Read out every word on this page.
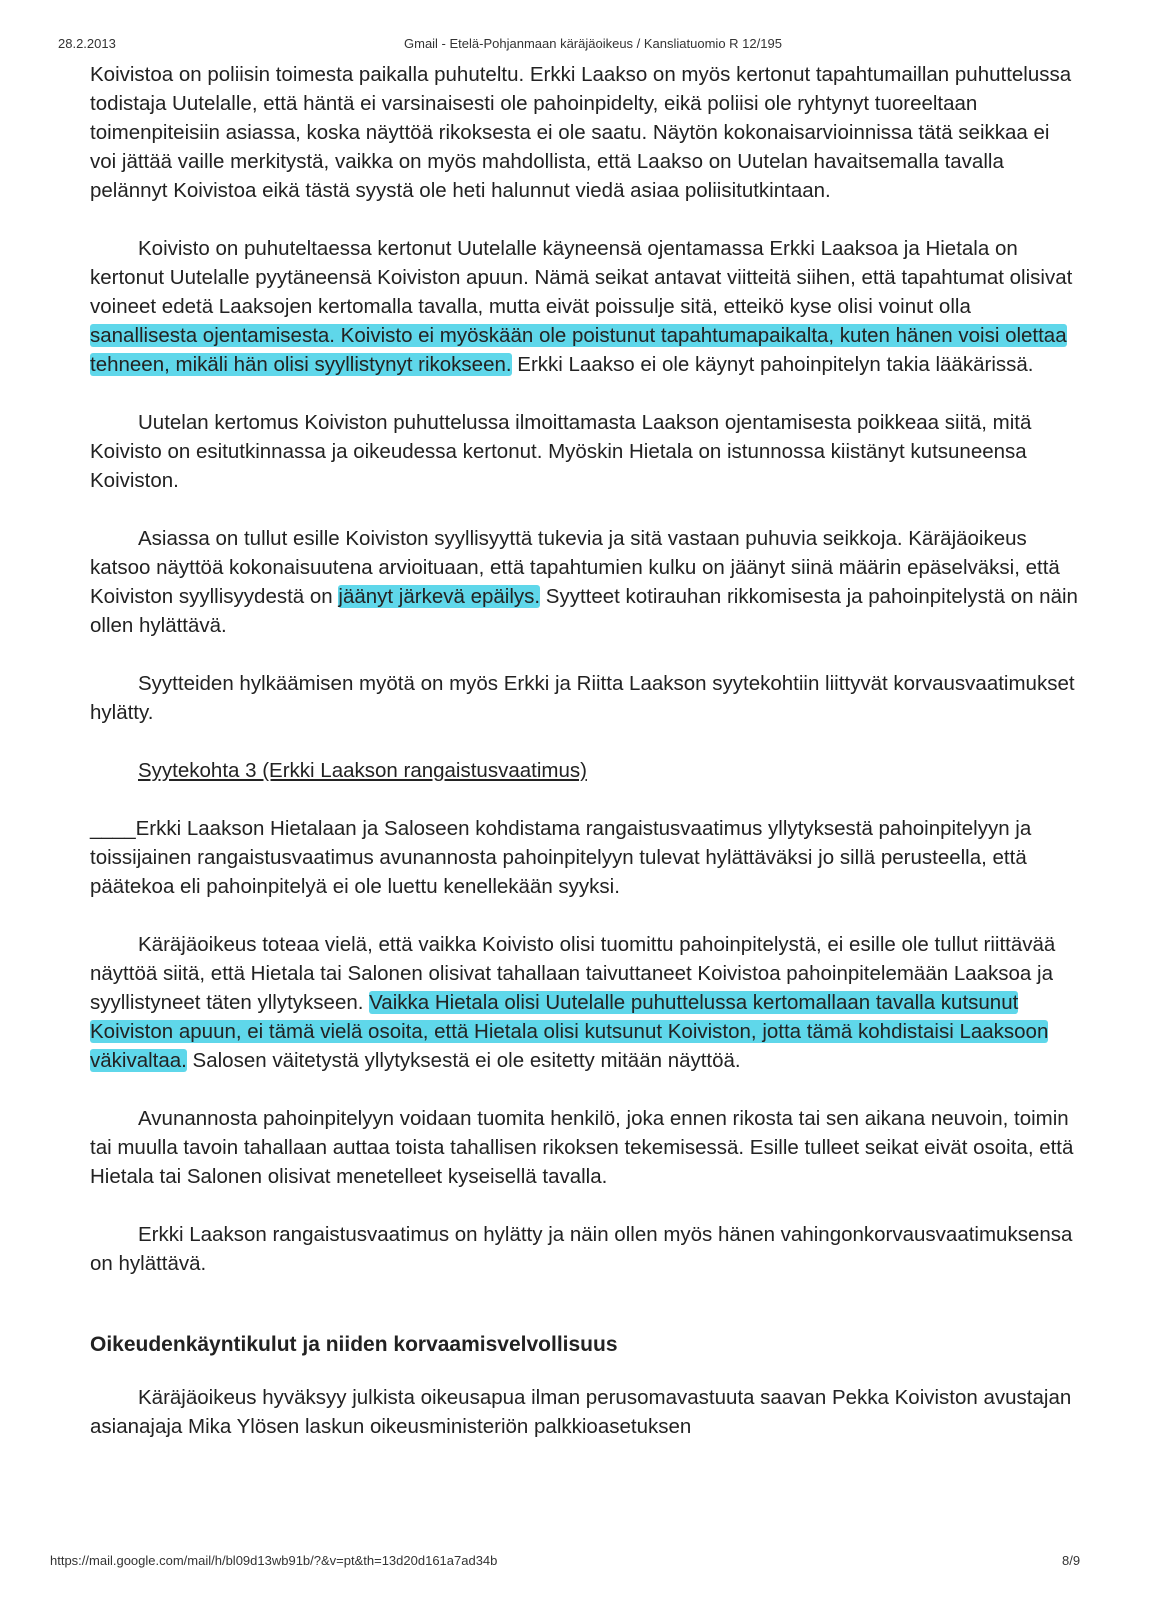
28.2.2013	Gmail - Etelä-Pohjanmaan käräjäoikeus / Kansliatuomio R 12/195

Koivistoa on poliisin toimesta paikalla puhuteltu. Erkki Laakso on myös kertonut tapahtumaillan puhuttelussa todistaja Uutelalle, että häntä ei varsinaisesti ole pahoinpidelty, eikä poliisi ole ryhtynyt tuoreeltaan toimenpiteisiin asiassa, koska näyttöä rikoksesta ei ole saatu. Näytön kokonaisarvioinnissa tätä seikkaa ei voi jättää vaille merkitystä, vaikka on myös mahdollista, että Laakso on Uutelan havaitsemalla tavalla pelännyt Koivistoa eikä tästä syystä ole heti halunnut viedä asiaa poliisitutkintaan.

Koivisto on puhuteltaessa kertonut Uutelalle käyneensä ojentamassa Erkki Laaksoa ja Hietala on kertonut Uutelalle pyytäneensä Koiviston apuun. Nämä seikat antavat viitteitä siihen, että tapahtumat olisivat voineet edetä Laaksojen kertomalla tavalla, mutta eivät poissulje sitä, etteikö kyse olisi voinut olla sanallisesta ojentamisesta. Koivisto ei myöskään ole poistunut tapahtumapaikalta, kuten hänen voisi olettaa tehneen, mikäli hän olisi syyllistynyt rikokseen. Erkki Laakso ei ole käynyt pahoinpitelyn takia lääkärissä.

Uutelan kertomus Koiviston puhuttelussa ilmoittamasta Laakson ojentamisesta poikkeaa siitä, mitä Koivisto on esitutkinnassa ja oikeudessa kertonut. Myöskin Hietala on istunnossa kiistänyt kutsuneensa Koiviston.

Asiassa on tullut esille Koiviston syyllisyyttä tukevia ja sitä vastaan puhuvia seikkoja. Käräjäoikeus katsoo näyttöä kokonaisuutena arvioituaan, että tapahtumien kulku on jäänyt siinä määrin epäselväksi, että Koiviston syyllisyydestä on jäänyt järkevä epäilys. Syytteet kotirauhan rikkomisesta ja pahoinpitelystä on näin ollen hylättävä.

Syytteiden hylkäämisen myötä on myös Erkki ja Riitta Laakson syytekohtiin liittyvät korvausvaatimukset hylätty.

Syytekohta 3 (Erkki Laakson rangaistusvaatimus)

____Erkki Laakson Hietalaan ja Saloseen kohdistama rangaistusvaatimus yllytyksestä pahoinpitelyyn ja toissijainen rangaistusvaatimus avunannosta pahoinpitelyyn tulevat hylättäväksi jo sillä perusteella, että päätekoa eli pahoinpitelyä ei ole luettu kenellekään syyksi.

Käräjäoikeus toteaa vielä, että vaikka Koivisto olisi tuomittu pahoinpitelystä, ei esille ole tullut riittävää näyttöä siitä, että Hietala tai Salonen olisivat tahallaan taivuttaneet Koivistoa pahoinpitelemään Laaksoa ja syyllistyneet täten yllytykseen. Vaikka Hietala olisi Uutelalle puhuttelussa kertomallaan tavalla kutsunut Koiviston apuun, ei tämä vielä osoita, että Hietala olisi kutsunut Koiviston, jotta tämä kohdistaisi Laaksoon väkivaltaa. Salosen väitetystä yllytyksestä ei ole esitetty mitään näyttöä.

Avunannosta pahoinpitelyyn voidaan tuomita henkilö, joka ennen rikosta tai sen aikana neuvoin, toimin tai muulla tavoin tahallaan auttaa toista tahallisen rikoksen tekemisessä. Esille tulleet seikat eivät osoita, että Hietala tai Salonen olisivat menetelleet kyseisellä tavalla.

Erkki Laakson rangaistusvaatimus on hylätty ja näin ollen myös hänen vahingonkorvausvaatimuksensa on hylättävä.

Oikeudenkäyntikulut ja niiden korvaamisvelvollisuus

Käräjäoikeus hyväksyy julkista oikeusapua ilman perusomavastuuta saavan Pekka Koiviston avustajan asianajaja Mika Ylösen laskun oikeusministeriön palkkioasetuksen

https://mail.google.com/mail/h/bl09d13wb91b/?&v=pt&th=13d20d161a7ad34b	8/9
